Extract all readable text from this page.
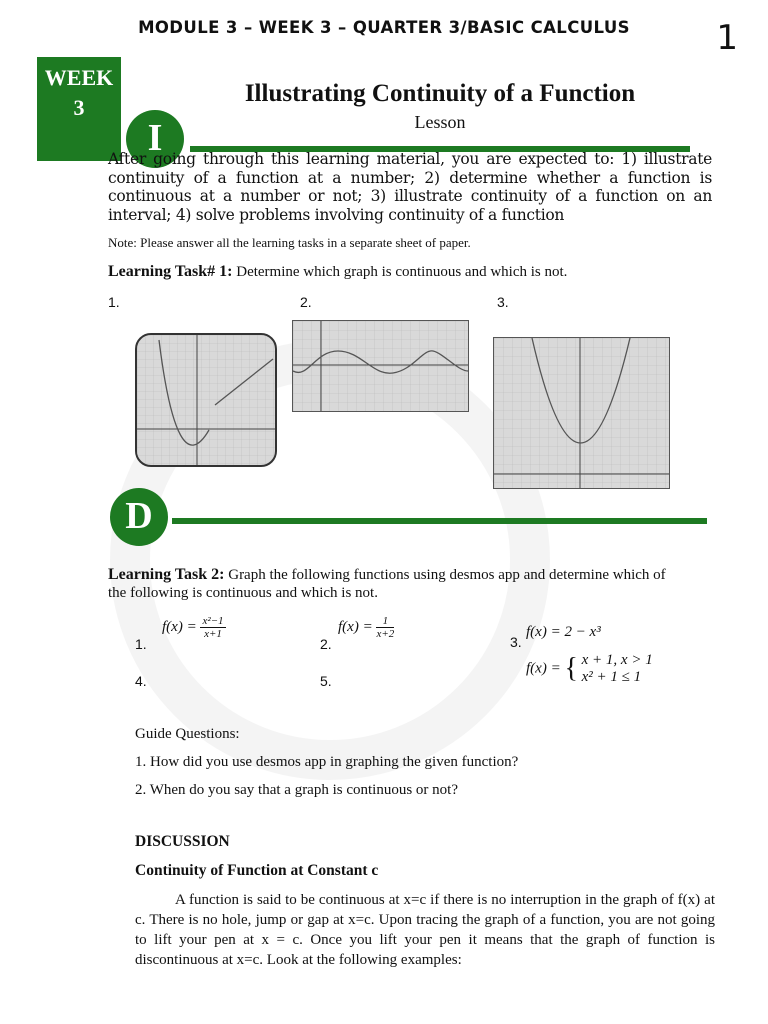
MODULE 3 – WEEK 3 – QUARTER 3/BASIC CALCULUS	1
WEEK
3
Illustrating Continuity of a Function
Lesson
I
After going through this learning material, you are expected to: 1) illustrate continuity of a function at a number; 2) determine whether a function is continuous at a number or not; 3) illustrate continuity of a function on an interval; 4) solve problems involving continuity of a function
Note: Please answer all the learning tasks in a separate sheet of paper.
Learning Task# 1: Determine which graph is continuous and which is not.
1.	2.	3.
D
Learning Task 2: Graph the following functions using desmos app and determine which of the following is continuous and which is not.
1.
$f(x) = \frac{\text{x²−1}}{x+1}$
2.
$f(x) = \frac{1}{x+2}$
3.
f(x) = 2 − x³
4.	5.
f(x) = { x + 1, x > 1
x² + 1 ≤ 1
Guide Questions:
1. How did you use desmos app in graphing the given function?
2. When do you say that a graph is continuous or not?
DISCUSSION
Continuity of Function at Constant c
A function is said to be continuous at x=c if there is no interruption in the graph of f(x) at c. There is no hole, jump or gap at x=c. Upon tracing the graph of a function, you are not going to lift your pen at x = c. Once you lift your pen it means that the graph of function is discontinuous at x=c. Look at the following examples:
